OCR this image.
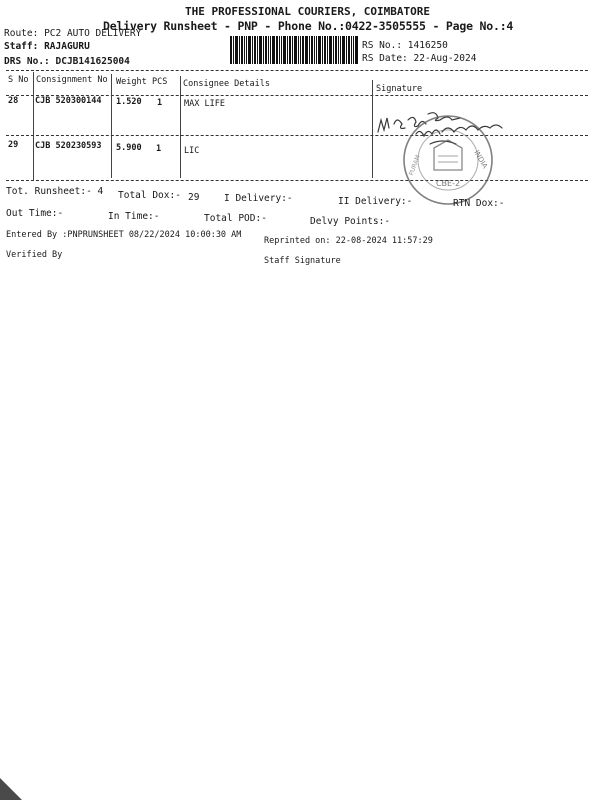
THE PROFESSIONAL COURIERS, COIMBATORE
Delivery Runsheet - PNP - Phone No.:0422-3505555 - Page No.:4
Route: PC2 AUTO DELIVERY
Staff: RAJAGURU
DRS No.: DCJB141625004
RS No.: 1416250
RS Date: 22-Aug-2024
S No Consignment No Weight PCS Consignee Details	Signature
28 CJB 520300144 1.520 1	MAX LIFE
29 CJB 520230593 5.900 1	LIC
CBE-2
INDIA
PURAM
Tot. Runsheet:- 4 Total Dox:- 29	I Delivery:-	II Delivery:-	RTN Dox:-
Out Time:-	In Time:-	Total POD:-	Delvy Points:-
Entered By :PNPRUNSHEET 08/22/2024 10:00:30 AM
Reprinted on: 22-08-2024 11:57:29
Verified By
Staff Signature
